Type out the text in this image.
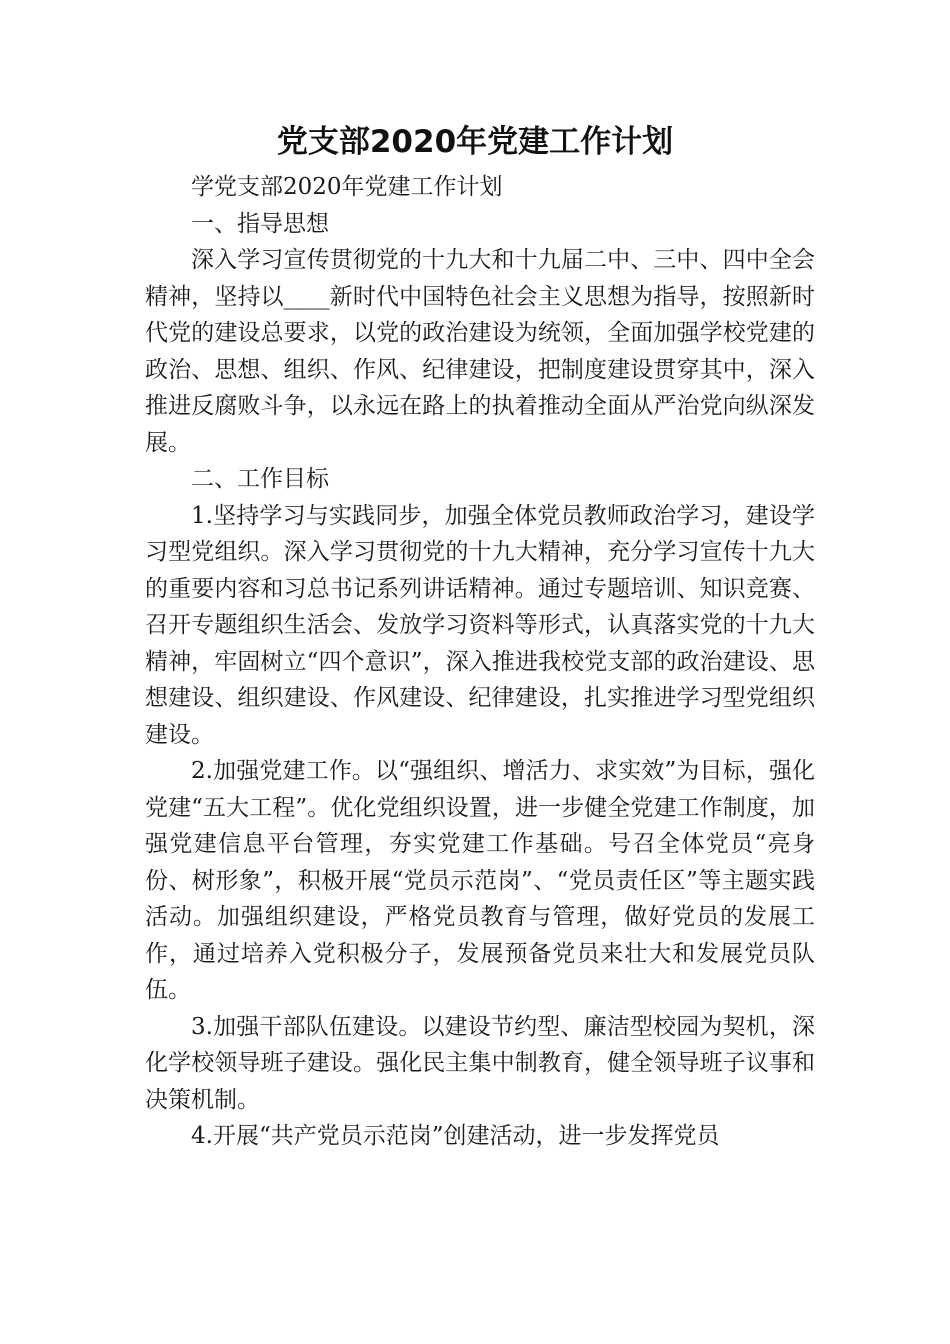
党支部2020年党建工作计划

学党支部2020年党建工作计划

一、指导思想

深入学习宣传贯彻党的十九大和十九届二中、三中、四中全会精神，坚持以____新时代中国特色社会主义思想为指导，按照新时代党的建设总要求，以党的政治建设为统领，全面加强学校党建的政治、思想、组织、作风、纪律建设，把制度建设贯穿其中，深入推进反腐败斗争，以永远在路上的执着推动全面从严治党向纵深发展。

二、工作目标

1.坚持学习与实践同步，加强全体党员教师政治学习，建设学习型党组织。深入学习贯彻党的十九大精神，充分学习宣传十九大的重要内容和习总书记系列讲话精神。通过专题培训、知识竞赛、召开专题组织生活会、发放学习资料等形式，认真落实党的十九大精神，牢固树立“四个意识”，深入推进我校党支部的政治建设、思想建设、组织建设、作风建设、纪律建设，扎实推进学习型党组织建设。

2.加强党建工作。以“强组织、增活力、求实效”为目标，强化党建“五大工程”。优化党组织设置，进一步健全党建工作制度，加强党建信息平台管理，夯实党建工作基础。号召全体党员“亮身份、树形象”，积极开展“党员示范岗”、“党员责任区”等主题实践活动。加强组织建设，严格党员教育与管理，做好党员的发展工作，通过培养入党积极分子，发展预备党员来壮大和发展党员队伍。

3.加强干部队伍建设。以建设节约型、廉洁型校园为契机，深化学校领导班子建设。强化民主集中制教育，健全领导班子议事和决策机制。

4.开展“共产党员示范岗”创建活动，进一步发挥党员
